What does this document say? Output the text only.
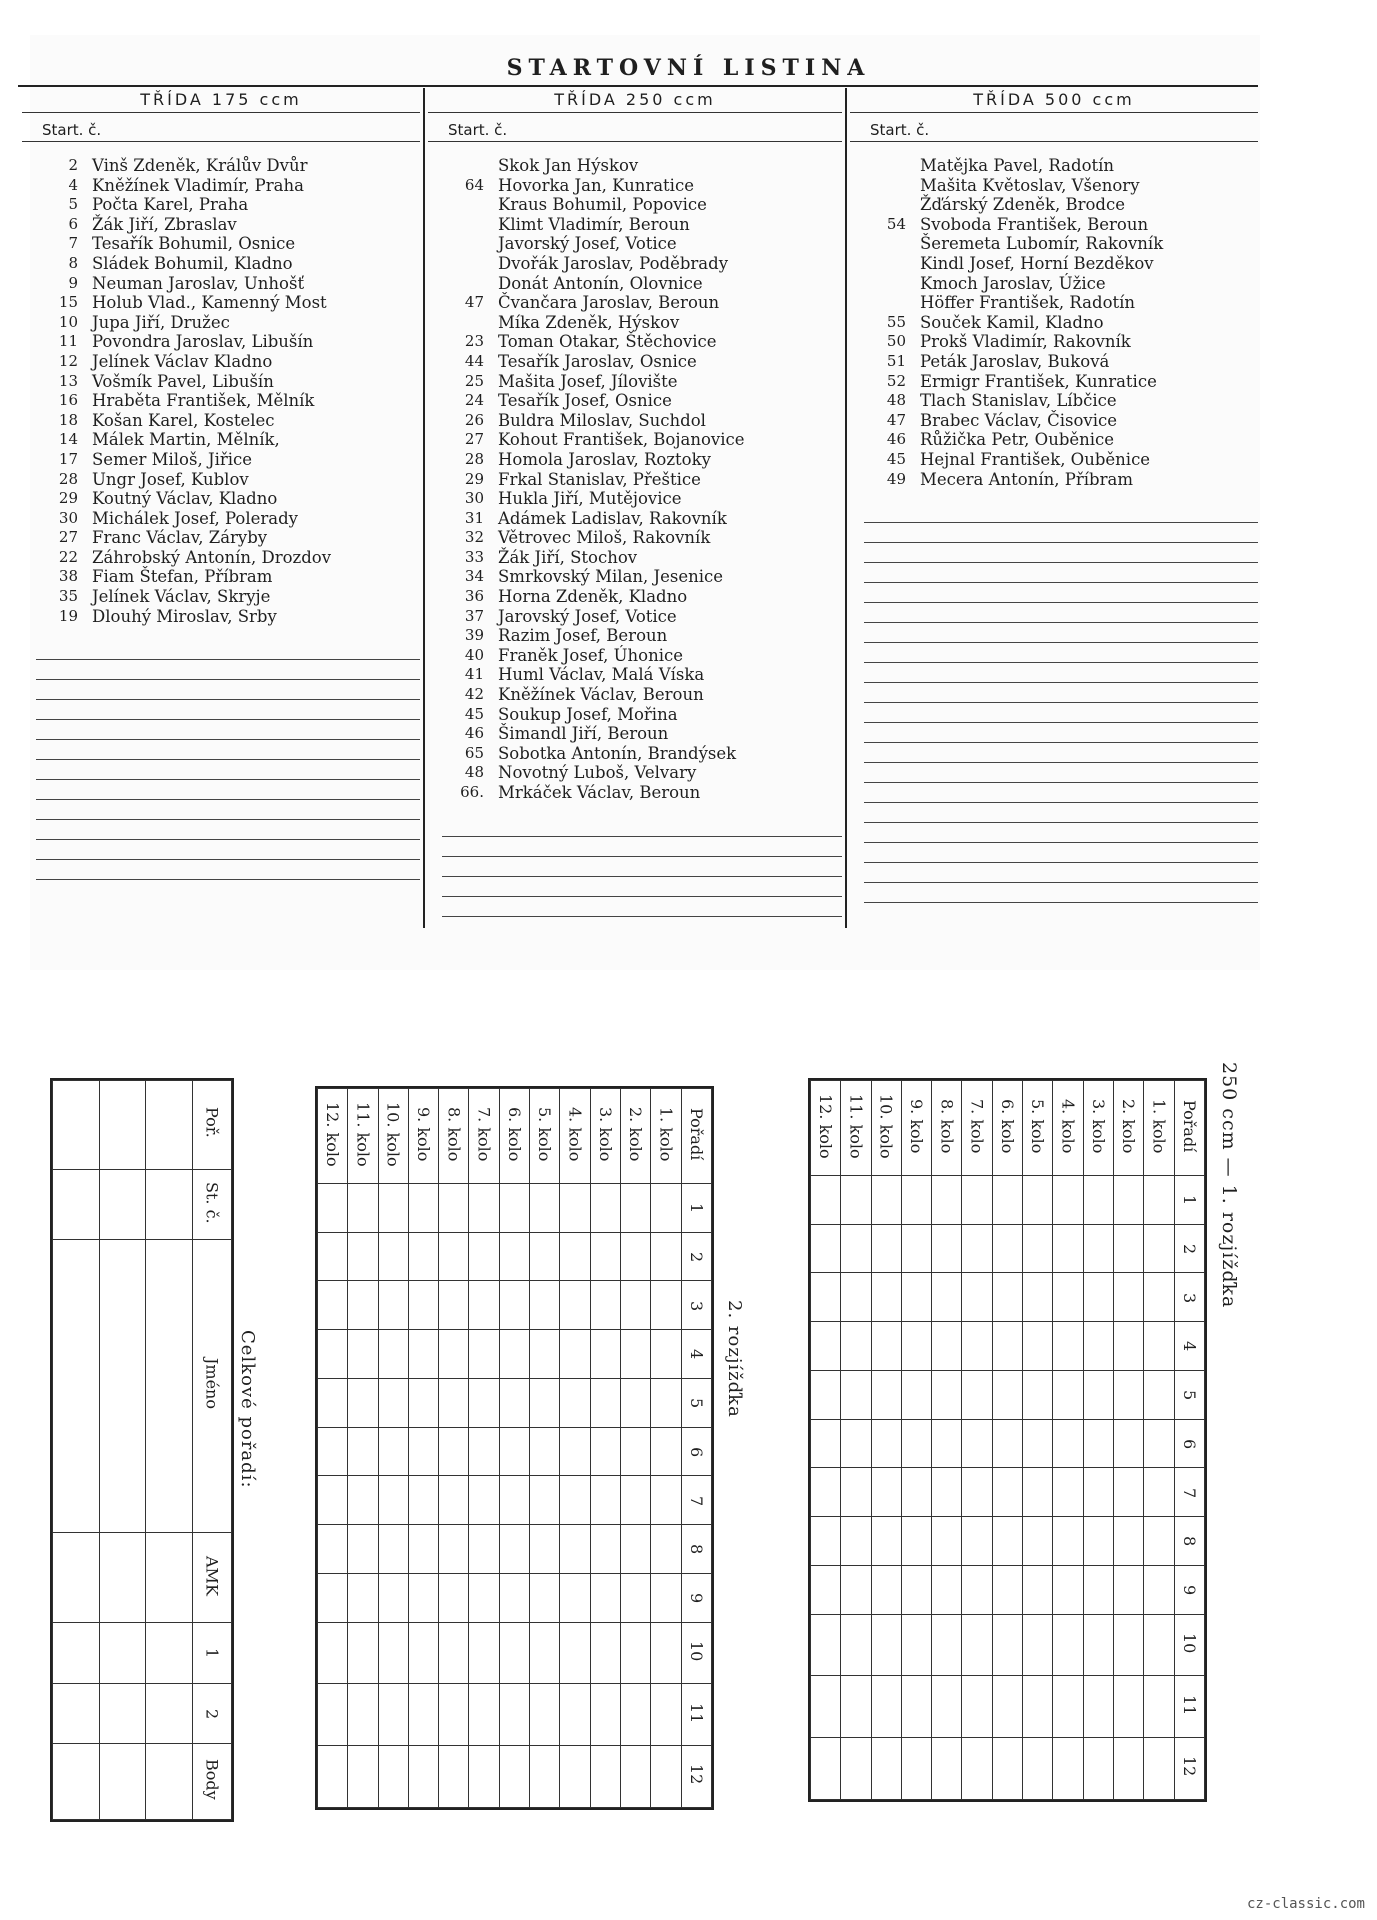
STARTOVNÍ LISTINA
TŘÍDA 175 ccm
Start. č.
2 Vinš Zdeněk, Králův Dvůr
4 Kněžínek Vladimír, Praha
5 Počta Karel, Praha
6 Žák Jiří, Zbraslav
7 Tesařík Bohumil, Osnice
8 Sládek Bohumil, Kladno
9 Neuman Jaroslav, Unhošť
15 Holub Vlad., Kamenný Most
10 Jupa Jiří, Družec
11 Povondra Jaroslav, Libušín
12 Jelínek Václav Kladno
13 Vošmík Pavel, Libušín
16 Hraběta František, Mělník
18 Košan Karel, Kostelec
14 Málek Martin, Mělník,
17 Semer Miloš, Jiřice
28 Ungr Josef, Kublov
29 Koutný Václav, Kladno
30 Michálek Josef, Polerady
27 Franc Václav, Záryby
22 Záhrobský Antonín, Drozdov
38 Fiam Štefan, Příbram
35 Jelínek Václav, Skryje
19 Dlouhý Miroslav, Srby
TŘÍDA 250 ccm
Start. č.
Skok Jan Hýskov
64 Hovorka Jan, Kunratice
Kraus Bohumil, Popovice
Klimt Vladimír, Beroun
Javorský Josef, Votice
Dvořák Jaroslav, Poděbrady
Donát Antonín, Olovnice
47 Čvančara Jaroslav, Beroun
Míka Zdeněk, Hýskov
23 Toman Otakar, Štěchovice
44 Tesařík Jaroslav, Osnice
25 Mašita Josef, Jílovište
24 Tesařík Josef, Osnice
26 Buldra Miloslav, Suchdol
27 Kohout František, Bojanovice
28 Homola Jaroslav, Roztoky
29 Frkal Stanislav, Přeštice
30 Hukla Jiří, Mutějovice
31 Adámek Ladislav, Rakovník
32 Větrovec Miloš, Rakovník
33 Žák Jiří, Stochov
34 Smrkovský Milan, Jesenice
36 Horna Zdeněk, Kladno
37 Jarovský Josef, Votice
39 Razim Josef, Beroun
40 Franěk Josef, Úhonice
41 Huml Václav, Malá Víska
42 Kněžínek Václav, Beroun
45 Soukup Josef, Mořina
46 Šimandl Jiří, Beroun
65 Sobotka Antonín, Brandýsek
48 Novotný Luboš, Velvary
66. Mrkáček Václav, Beroun
TŘÍDA 500 ccm
Start. č.
Matějka Pavel, Radotín
Mašita Květoslav, Všenory
Žďárský Zdeněk, Brodce
54 Svoboda František, Beroun
Šeremeta Lubomír, Rakovník
Kindl Josef, Horní Bezděkov
Kmoch Jaroslav, Úžice
Höffer František, Radotín
55 Souček Kamil, Kladno
50 Prokš Vladimír, Rakovník
51 Peták Jaroslav, Buková
52 Ermigr František, Kunratice
48 Tlach Stanislav, Líbčice
47 Brabec Václav, Čisovice
46 Růžička Petr, Ouběnice
45 Hejnal František, Ouběnice
49 Mecera Antonín, Příbram
			Poř.
			St. č.
			Jméno
			AMK
			1
			2
			Body
Celkové pořadí:
12. kolo	11. kolo	10. kolo	9. kolo	8. kolo	7. kolo	6. kolo	5. kolo	4. kolo	3. kolo	2. kolo	1. kolo	Pořadí
												1
												2
												3
												4
												5
												6
												7
												8
												9
												10
												11
												12
2. rozjížďka
12. kolo	11. kolo	10. kolo	9. kolo	8. kolo	7. kolo	6. kolo	5. kolo	4. kolo	3. kolo	2. kolo	1. kolo	Pořadí
												1
												2
												3
												4
												5
												6
												7
												8
												9
												10
												11
												12
250 ccm — 1. rozjížďka
cz-classic.com
